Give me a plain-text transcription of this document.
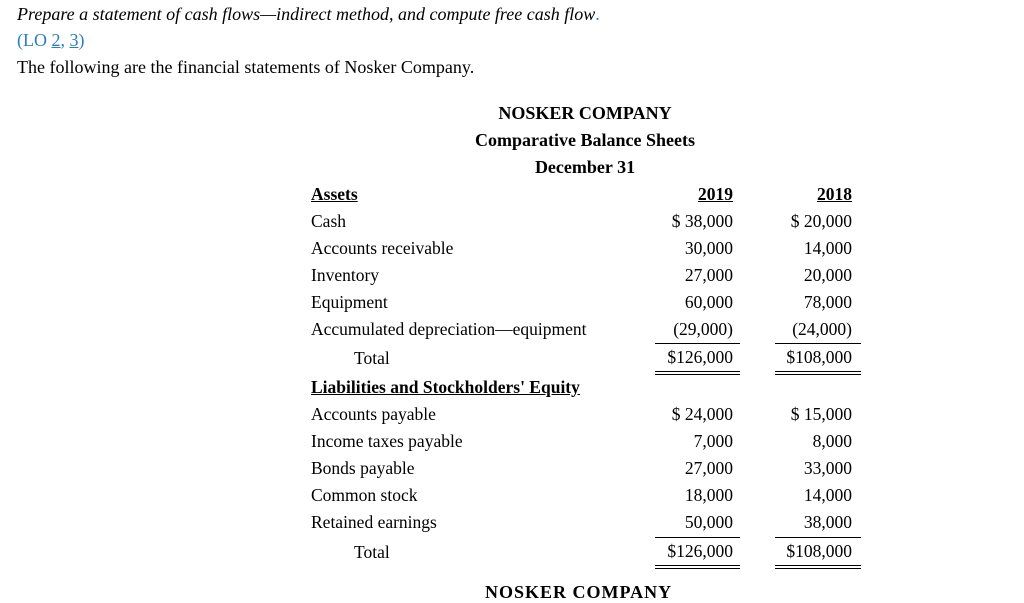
Prepare a statement of cash flows—indirect method, and compute free cash flow.
(LO 2, 3)
The following are the financial statements of Nosker Company.
NOSKER COMPANY
Comparative Balance Sheets
December 31
Assets	2019	2018
Cash	$ 38,000	$ 20,000
Accounts receivable	30,000	14,000
Inventory	27,000	20,000
Equipment	60,000	78,000
Accumulated depreciation—equipment	(29,000)	(24,000)
Total	$126,000	$108,000
Liabilities and Stockholders' Equity
Accounts payable	$ 24,000	$ 15,000
Income taxes payable	7,000	8,000
Bonds payable	27,000	33,000
Common stock	18,000	14,000
Retained earnings	50,000	38,000
Total	$126,000	$108,000
NOSKER COMPANY
